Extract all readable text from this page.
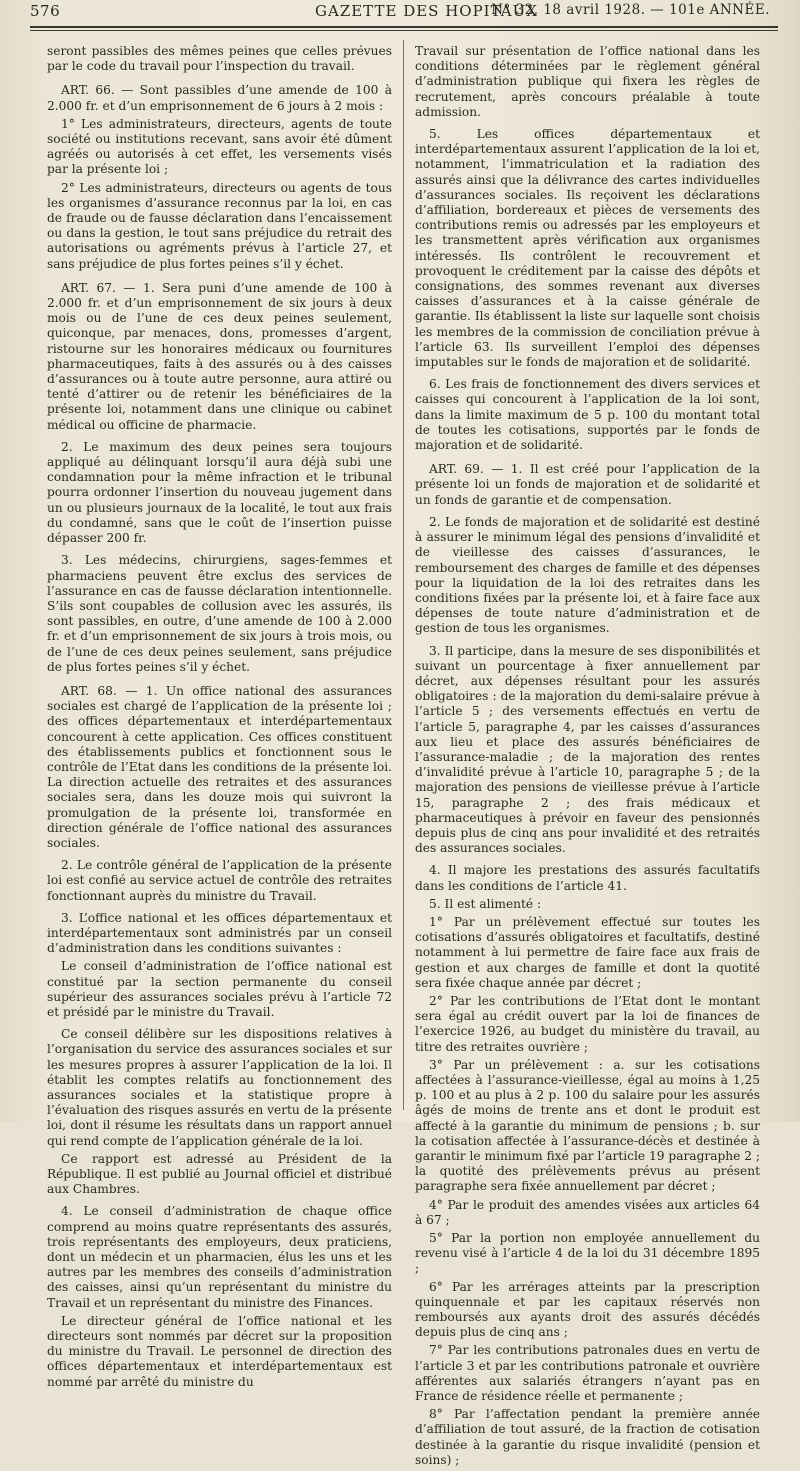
576	GAZETTE DES HOPITAUX
N° 32, 18 avril 1928. — 101e ANNÉE.

seront passibles des mêmes peines que celles prévues par le code du travail pour l’inspection du travail.

ART. 66. — Sont passibles d’une amende de 100 à 2.000 fr. et d’un emprisonnement de 6 jours à 2 mois :

1° Les administrateurs, directeurs, agents de toute société ou institutions recevant, sans avoir été dûment agréés ou autorisés à cet effet, les versements visés par la présente loi ;

2° Les administrateurs, directeurs ou agents de tous les organismes d’assurance reconnus par la loi, en cas de fraude ou de fausse déclaration dans l’encaissement ou dans la gestion, le tout sans préjudice du retrait des autorisations ou agréments prévus à l’article 27, et sans préjudice de plus fortes peines s’il y échet.

ART. 67. — 1. Sera puni d’une amende de 100 à 2.000 fr. et d’un emprisonnement de six jours à deux mois ou de l’une de ces deux peines seulement, quiconque, par menaces, dons, promesses d’argent, ristourne sur les honoraires médicaux ou fournitures pharmaceutiques, faits à des assurés ou à des caisses d’assurances ou à toute autre personne, aura attiré ou tenté d’attirer ou de retenir les bénéficiaires de la présente loi, notamment dans une clinique ou cabinet médical ou officine de pharmacie.

2. Le maximum des deux peines sera toujours appliqué au délinquant lorsqu’il aura déjà subi une condamnation pour la même infraction et le tribunal pourra ordonner l’insertion du nouveau jugement dans un ou plusieurs journaux de la localité, le tout aux frais du condamné, sans que le coût de l’insertion puisse dépasser 200 fr.

3. Les médecins, chirurgiens, sages-femmes et pharmaciens peuvent être exclus des services de l’assurance en cas de fausse déclaration intentionnelle. S’ils sont coupables de collusion avec les assurés, ils sont passibles, en outre, d’une amende de 100 à 2.000 fr. et d’un emprisonnement de six jours à trois mois, ou de l’une de ces deux peines seulement, sans préjudice de plus fortes peines s’il y échet.

ART. 68. — 1. Un office national des assurances sociales est chargé de l’application de la présente loi ; des offices départementaux et interdépartementaux concourent à cette application. Ces offices constituent des établissements publics et fonctionnent sous le contrôle de l’Etat dans les conditions de la présente loi. La direction actuelle des retraites et des assurances sociales sera, dans les douze mois qui suivront la promulgation de la présente loi, transformée en direction générale de l’office national des assurances sociales.

2. Le contrôle général de l’application de la présente loi est confié au service actuel de contrôle des retraites fonctionnant auprès du ministre du Travail.

3. L’office national et les offices départementaux et interdépartementaux sont administrés par un conseil d’administration dans les conditions suivantes :

Le conseil d’administration de l’office national est constitué par la section permanente du conseil supérieur des assurances sociales prévu à l’article 72 et présidé par le ministre du Travail.

Ce conseil délibère sur les dispositions relatives à l’organisation du service des assurances sociales et sur les mesures propres à assurer l’application de la loi. Il établit les comptes relatifs au fonctionnement des assurances sociales et la statistique propre à l’évaluation des risques assurés en vertu de la présente loi, dont il résume les résultats dans un rapport annuel qui rend compte de l’application générale de la loi.

Ce rapport est adressé au Président de la République. Il est publié au Journal officiel et distribué aux Chambres.

4. Le conseil d’administration de chaque office comprend au moins quatre représentants des assurés, trois représentants des employeurs, deux praticiens, dont un médecin et un pharmacien, élus les uns et les autres par les membres des conseils d’administration des caisses, ainsi qu’un représentant du ministre du Travail et un représentant du ministre des Finances.

Le directeur général de l’office national et les directeurs sont nommés par décret sur la proposition du ministre du Travail. Le personnel de direction des offices départementaux et interdépartementaux est nommé par arrêté du ministre du

Travail sur présentation de l’office national dans les conditions déterminées par le règlement général d’administration publique qui fixera les règles de recrutement, après concours préalable à toute admission.

5. Les offices départementaux et interdépartementaux assurent l’application de la loi et, notamment, l’immatriculation et la radiation des assurés ainsi que la délivrance des cartes individuelles d’assurances sociales. Ils reçoivent les déclarations d’affiliation, bordereaux et pièces de versements des contributions remis ou adressés par les employeurs et les transmettent après vérification aux organismes intéressés. Ils contrôlent le recouvrement et provoquent le créditement par la caisse des dépôts et consignations, des sommes revenant aux diverses caisses d’assurances et à la caisse générale de garantie. Ils établissent la liste sur laquelle sont choisis les membres de la commission de conciliation prévue à l’article 63. Ils surveillent l’emploi des dépenses imputables sur le fonds de majoration et de solidarité.

6. Les frais de fonctionnement des divers services et caisses qui concourent à l’application de la loi sont, dans la limite maximum de 5 p. 100 du montant total de toutes les cotisations, supportés par le fonds de majoration et de solidarité.

ART. 69. — 1. Il est créé pour l’application de la présente loi un fonds de majoration et de solidarité et un fonds de garantie et de compensation.

2. Le fonds de majoration et de solidarité est destiné à assurer le minimum légal des pensions d’invalidité et de vieillesse des caisses d’assurances, le remboursement des charges de famille et des dépenses pour la liquidation de la loi des retraites dans les conditions fixées par la présente loi, et à faire face aux dépenses de toute nature d’administration et de gestion de tous les organismes.

3. Il participe, dans la mesure de ses disponibilités et suivant un pourcentage à fixer annuellement par décret, aux dépenses résultant pour les assurés obligatoires : de la majoration du demi-salaire prévue à l’article 5 ; des versements effectués en vertu de l’article 5, paragraphe 4, par les caisses d’assurances aux lieu et place des assurés bénéficiaires de l’assurance-maladie ; de la majoration des rentes d’invalidité prévue à l’article 10, paragraphe 5 ; de la majoration des pensions de vieillesse prévue à l’article 15, paragraphe 2 ; des frais médicaux et pharmaceutiques à prévoir en faveur des pensionnés depuis plus de cinq ans pour invalidité et des retraités des assurances sociales.

4. Il majore les prestations des assurés facultatifs dans les conditions de l’article 41.

5. Il est alimenté :

1° Par un prélèvement effectué sur toutes les cotisations d’assurés obligatoires et facultatifs, destiné notamment à lui permettre de faire face aux frais de gestion et aux charges de famille et dont la quotité sera fixée chaque année par décret ;

2° Par les contributions de l’Etat dont le montant sera égal au crédit ouvert par la loi de finances de l’exercice 1926, au budget du ministère du travail, au titre des retraites ouvrière ;

3° Par un prélèvement : a. sur les cotisations affectées à l’assurance-vieillesse, égal au moins à 1,25 p. 100 et au plus à 2 p. 100 du salaire pour les assurés âgés de moins de trente ans et dont le produit est affecté à la garantie du minimum de pensions ; b. sur la cotisation affectée à l’assurance-décès et destinée à garantir le minimum fixé par l’article 19 paragraphe 2 ; la quotité des prélèvements prévus au présent paragraphe sera fixée annuellement par décret ;

4° Par le produit des amendes visées aux articles 64 à 67 ;

5° Par la portion non employée annuellement du revenu visé à l’article 4 de la loi du 31 décembre 1895 ;

6° Par les arrérages atteints par la prescription quinquennale et par les capitaux réservés non remboursés aux ayants droit des assurés décédés depuis plus de cinq ans ;

7° Par les contributions patronales dues en vertu de l’article 3 et par les contributions patronale et ouvrière afférentes aux salariés étrangers n’ayant pas en France de résidence réelle et permanente ;

8° Par l’affectation pendant la première année d’affiliation de tout assuré, de la fraction de cotisation destinée à la garantie du risque invalidité (pension et soins) ;
